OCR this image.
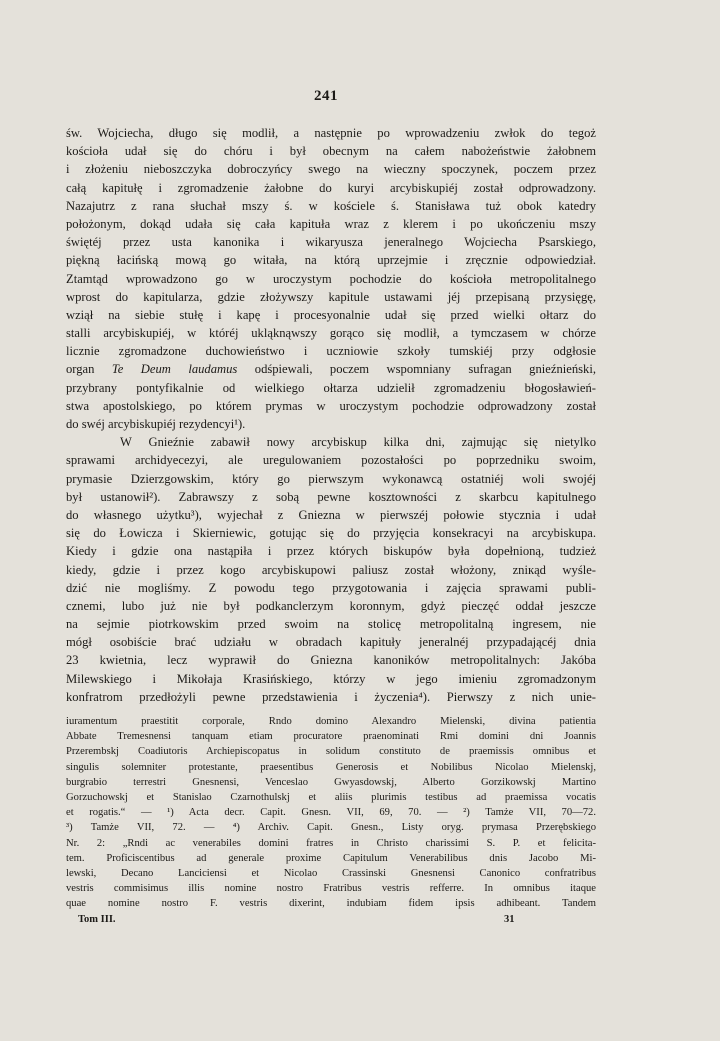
241
św. Wojciecha, długo się modlił, a następnie po wprowadzeniu zwłok do tegoż
kościoła udał się do chóru i był obecnym na całem nabożeństwie żałobnem
i złożeniu nieboszczyka dobroczyńcy swego na wieczny spoczynek, poczem przez
całą kapitułę i zgromadzenie żałobne do kuryi arcybiskupiéj został odprowadzony.
Nazajutrz z rana słuchał mszy ś. w kościele ś. Stanisława tuż obok katedry
położonym, dokąd udała się cała kapituła wraz z klerem i po ukończeniu mszy
świętéj przez usta kanonika i wikaryusza jeneralnego Wojciecha Psarskiego,
piękną łacińską mową go witała, na którą uprzejmie i zręcznie odpowiedział.
Ztamtąd wprowadzono go w uroczystym pochodzie do kościoła metropolitalnego
wprost do kapitularza, gdzie złożywszy kapitule ustawami jéj przepisaną przysięgę,
wziął na siebie stułę i kapę i procesyonalnie udał się przed wielki ołtarz do
stalli arcybiskupiéj, w któréj ukląknąwszy gorąco się modlił, a tymczasem w chórze
licznie zgromadzone duchowieństwo i uczniowie szkoły tumskiéj przy odgłosie
organ Te Deum laudamus odśpiewali, poczem wspomniany sufragan gnieźnieński,
przybrany pontyfikalnie od wielkiego ołtarza udzielił zgromadzeniu błogosławień-
stwa apostolskiego, po którem prymas w uroczystym pochodzie odprowadzony został
do swéj arcybiskupiéj rezydencyi¹).
W Gnieźnie zabawił nowy arcybiskup kilka dni, zajmując się nietylko
sprawami archidyecezyi, ale uregulowaniem pozostałości po poprzedniku swoim,
prymasie Dzierzgowskim, który go pierwszym wykonawcą ostatniéj woli swojéj
był ustanowił²). Zabrawszy z sobą pewne kosztowności z skarbcu kapitulnego
do własnego użytku³), wyjechał z Gniezna w pierwszéj połowie stycznia i udał
się do Łowicza i Skierniewic, gotując się do przyjęcia konsekracyi na arcybiskupa.
Kiedy i gdzie ona nastąpiła i przez których biskupów była dopełnioną, tudzież
kiedy, gdzie i przez kogo arcybiskupowi paliusz został włożony, zniкąd wyśle-
dzić nie mogliśmy. Z powodu tego przygotowania i zajęcia sprawami publi-
cznemi, lubo już nie był podkanclerzym koronnym, gdyż pieczęć oddał jeszcze
na sejmie piotrkowskim przed swoim na stolicę metropolitalną ingresem, nie
mógł osobiście brać udziału w obradach kapituły jeneralnéj przypadającéj dnia
23 kwietnia, lecz wyprawił do Gniezna kanoników metropolitalnych: Jakóba
Milewskiego i Mikołaja Krasińskiego, którzy w jego imieniu zgromadzonym
konfratrom przedłożyli pewne przedstawienia i życzenia⁴). Pierwszy z nich unie-
iuramentum praestitit corporale, Rndo domino Alexandro Mielenski, divina patientia
Abbate Tremesnensi tanquam etiam procuratore praenominati Rmi domini dni Joannis
Przerembskj Coadiutoris Archiepiscopatus in solidum constituto de praemissis omnibus et
singulis solemniter protestante, praesentibus Generosis et Nobilibus Nicolao Mielenskj,
burgrabio terrestri Gnesnensi, Venceslao Gwyasdowskj, Alberto Gorzikowskj Martino
Gorzuchowskj et Stanislao Czarnothulskj et aliis plurimis testibus ad praemissa vocatis
et rogatis.“ — ¹) Acta decr. Capit. Gnesn. VII, 69, 70. — ²) Tamże VII, 70—72.
³) Tamże VII, 72. — ⁴) Archiv. Capit. Gnesn., Listy oryg. prymasa Przerębskiego
Nr. 2: „Rndi ac venerabiles domini fratres in Christo charissimi S. P. et felicita-
tem. Proficiscentibus ad generale proxime Capitulum Venerabilibus dnis Jacobo Mi-
lewski, Decano Lanciciensi et Nicolao Crassinski Gnesnensi Canonico confratribus
vestris commisimus illis nomine nostro Fratribus vestris refferre. In omnibus itaque
quae nomine nostro F. vestris dixerint, indubiam fidem ipsis adhibeant. Tandem
Tom III.	31
